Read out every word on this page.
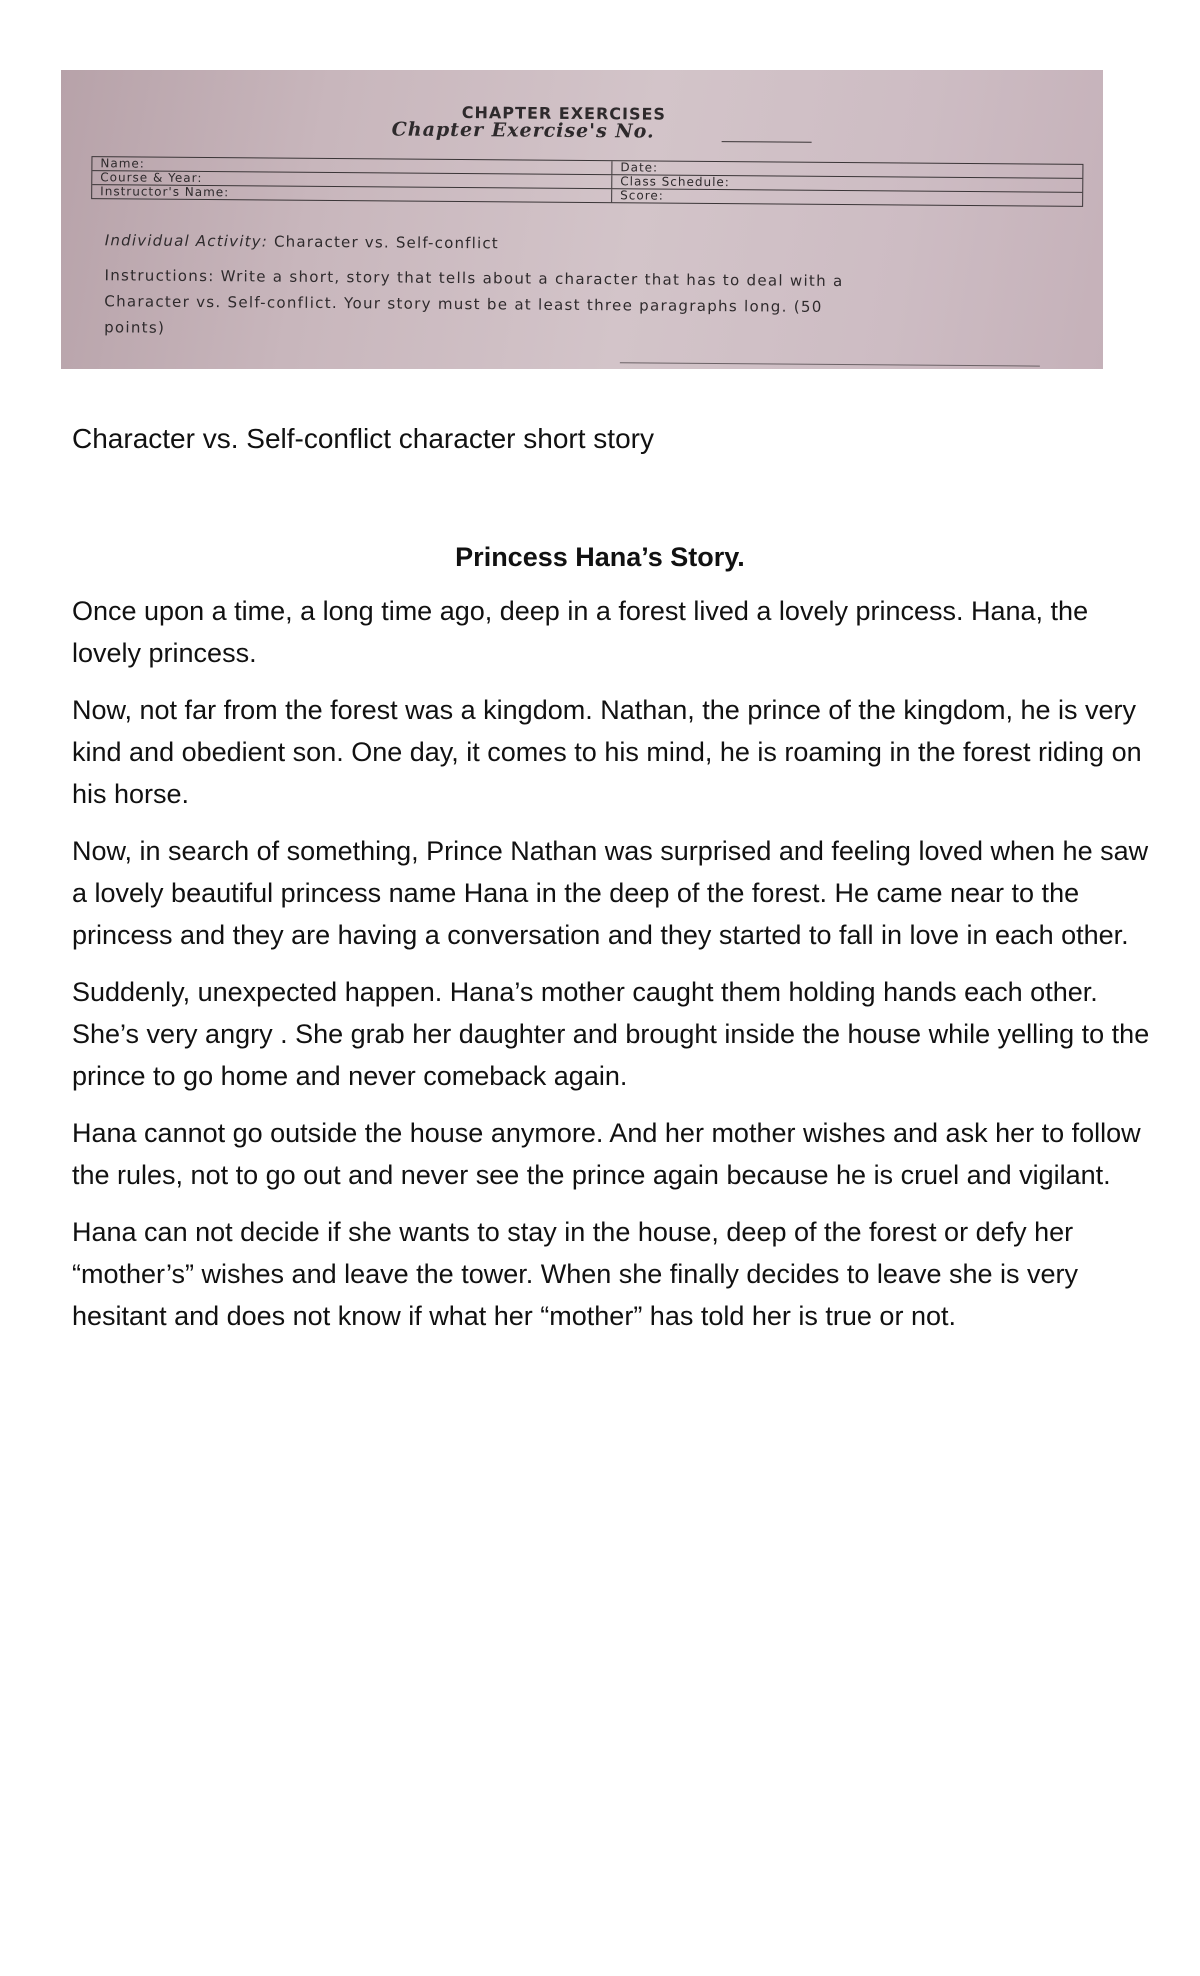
CHAPTER EXERCISES
Chapter Exercise's No.
Name:	Date:
Course & Year:	Class Schedule:
Instructor's Name:	Score:
Individual Activity: Character vs. Self-conflict
Instructions: Write a short, story that tells about a character that has to deal with a
Character vs. Self-conflict. Your story must be at least three paragraphs long. (50
points)
Character vs. Self-conflict character short story
Princess Hana’s Story.

Once upon a time, a long time ago, deep in a forest lived a lovely princess. Hana, the lovely princess.

Now, not far from the forest was a kingdom. Nathan, the prince of the kingdom, he is very kind and obedient son. One day, it comes to his mind, he is roaming in the forest riding on his horse.

Now, in search of something, Prince Nathan was surprised and feeling loved when he saw a lovely beautiful princess name Hana in the deep of the forest. He came near to the princess and they are having a conversation and they started to fall in love in each other.

Suddenly, unexpected happen. Hana’s mother caught them holding hands each other. She’s very angry . She grab her daughter and brought inside the house while yelling to the prince to go home and never comeback again.

Hana cannot go outside the house anymore. And her mother wishes and ask her to follow the rules, not to go out and never see the prince again because he is cruel and vigilant.

Hana can not decide if she wants to stay in the house, deep of the forest or defy her “mother’s” wishes and leave the tower. When she finally decides to leave she is very hesitant and does not know if what her “mother” has told her is true or not.
